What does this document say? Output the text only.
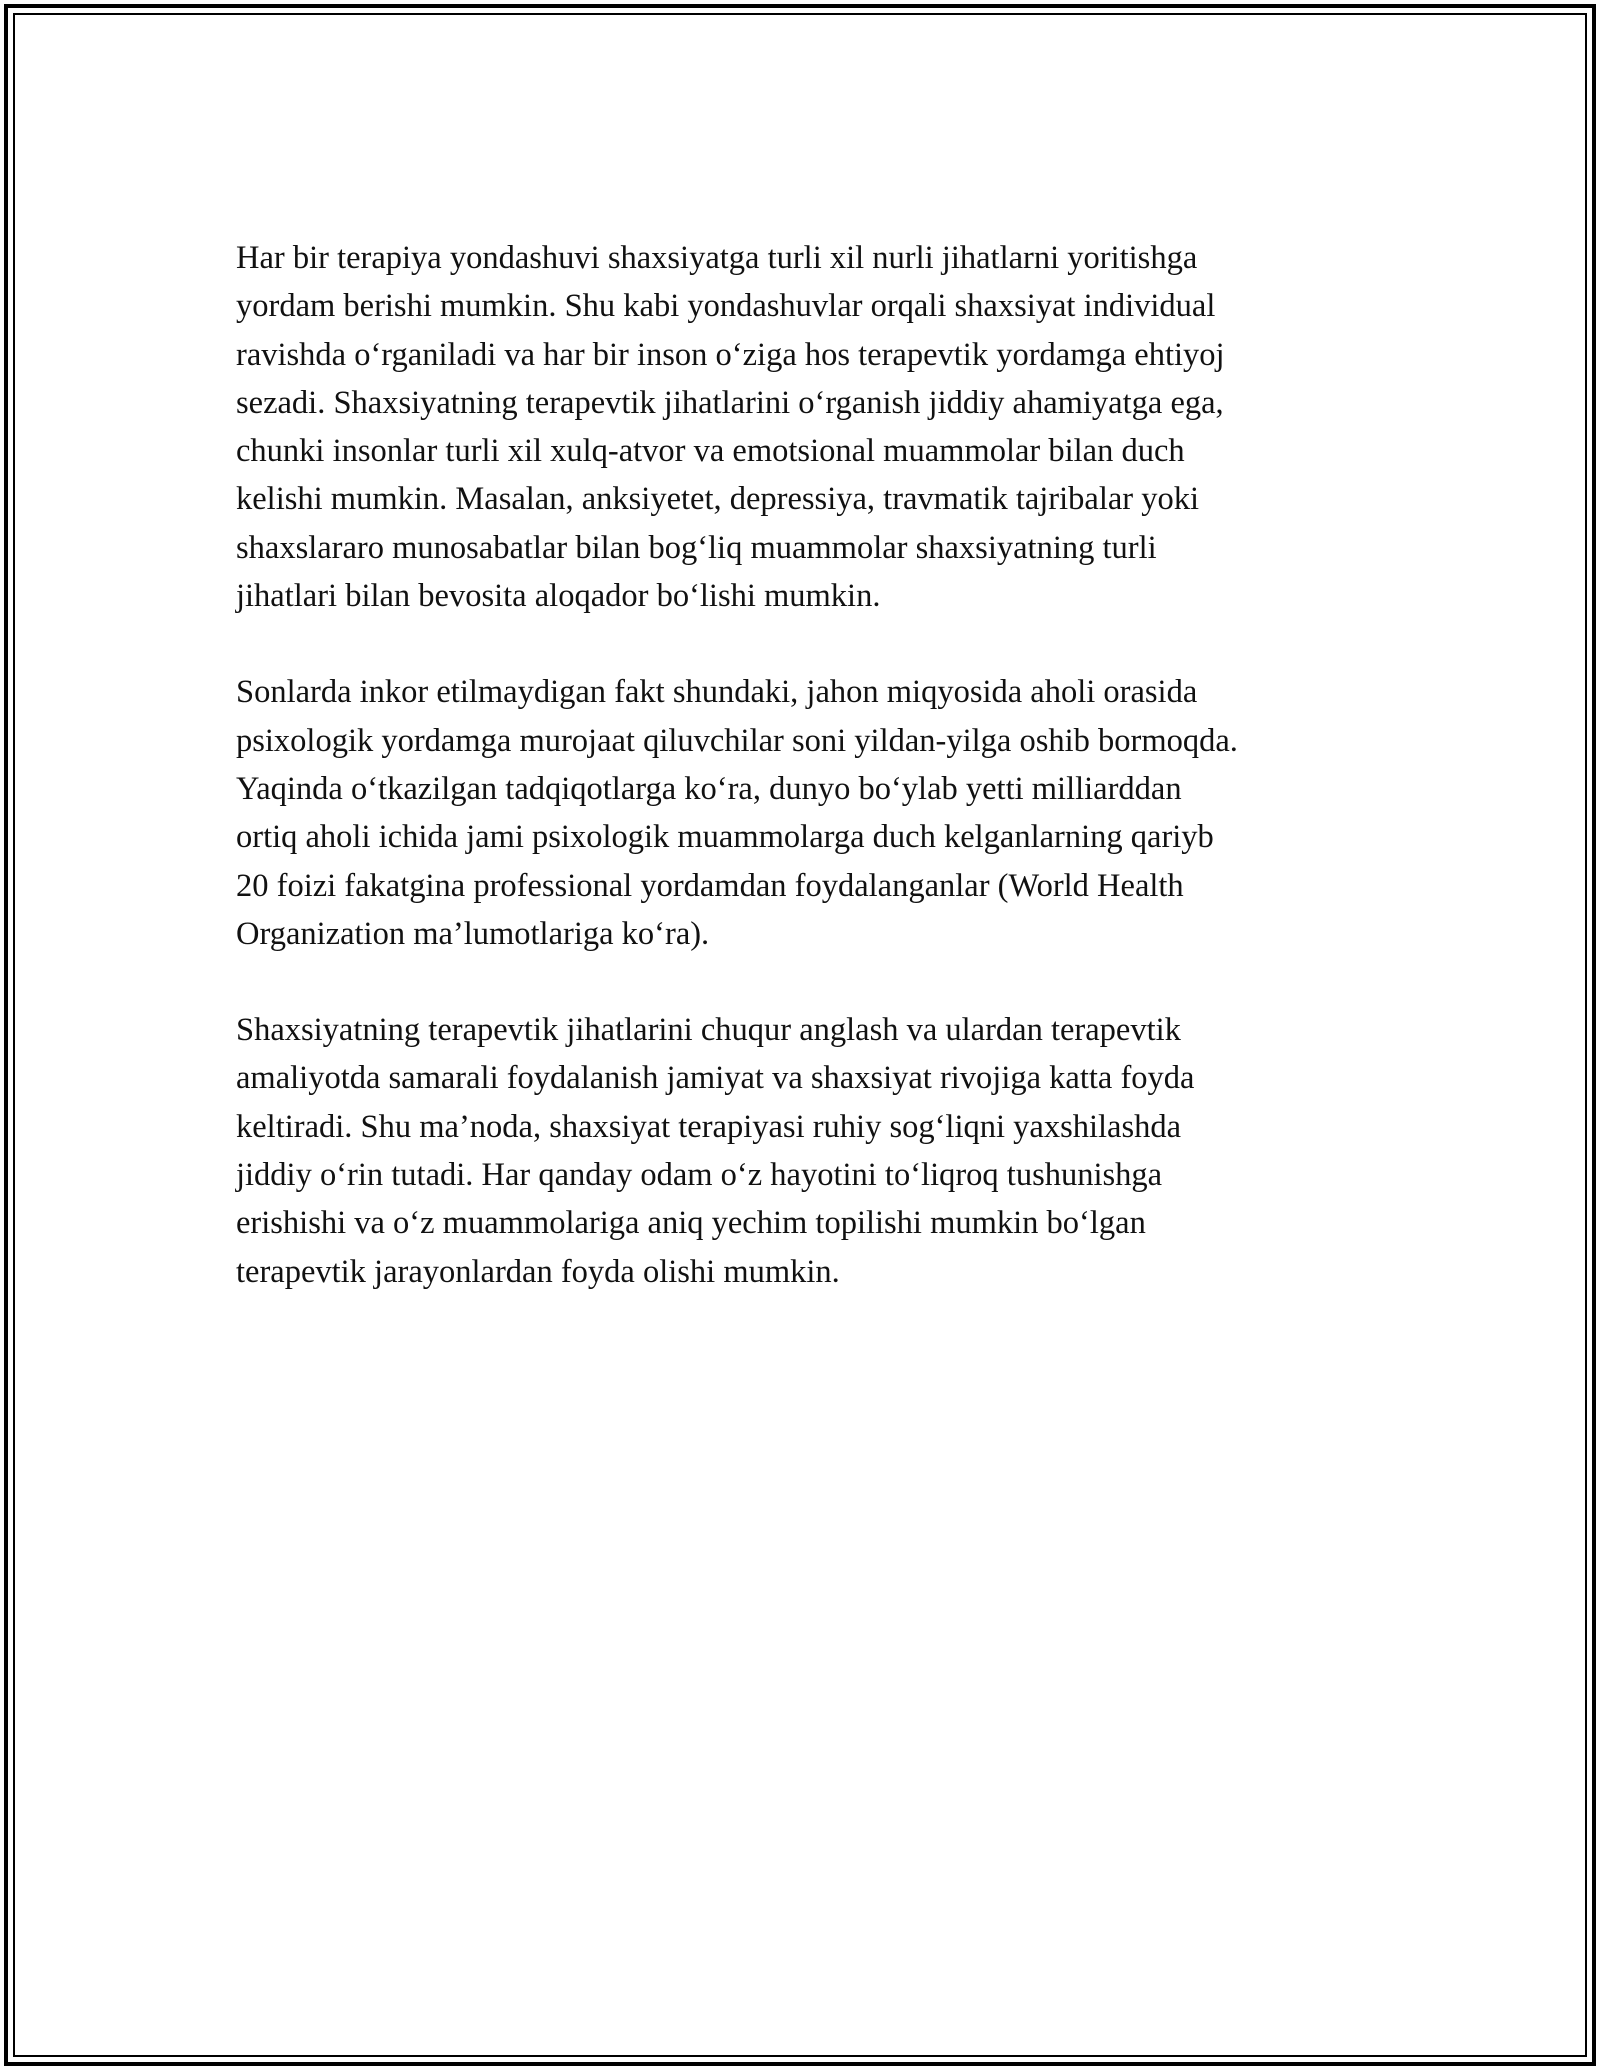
Har bir terapiya yondashuvi shaxsiyatga turli xil nurli jihatlarni yoritishga
yordam berishi mumkin. Shu kabi yondashuvlar orqali shaxsiyat individual
ravishda o‘rganiladi va har bir inson o‘ziga hos terapevtik yordamga ehtiyoj
sezadi. Shaxsiyatning terapevtik jihatlarini o‘rganish jiddiy ahamiyatga ega,
chunki insonlar turli xil xulq-atvor va emotsional muammolar bilan duch
kelishi mumkin. Masalan, anksiyetet, depressiya, travmatik tajribalar yoki
shaxslararo munosabatlar bilan bog‘liq muammolar shaxsiyatning turli
jihatlari bilan bevosita aloqador bo‘lishi mumkin.

Sonlarda inkor etilmaydigan fakt shundaki, jahon miqyosida aholi orasida
psixologik yordamga murojaat qiluvchilar soni yildan-yilga oshib bormoqda.
Yaqinda o‘tkazilgan tadqiqotlarga ko‘ra, dunyo bo‘ylab yetti milliarddan
ortiq aholi ichida jami psixologik muammolarga duch kelganlarning qariyb
20 foizi fakatgina professional yordamdan foydalanganlar (World Health
Organization ma’lumotlariga ko‘ra).

Shaxsiyatning terapevtik jihatlarini chuqur anglash va ulardan terapevtik
amaliyotda samarali foydalanish jamiyat va shaxsiyat rivojiga katta foyda
keltiradi. Shu ma’noda, shaxsiyat terapiyasi ruhiy sog‘liqni yaxshilashda
jiddiy o‘rin tutadi. Har qanday odam o‘z hayotini to‘liqroq tushunishga
erishishi va o‘z muammolariga aniq yechim topilishi mumkin bo‘lgan
terapevtik jarayonlardan foyda olishi mumkin.
